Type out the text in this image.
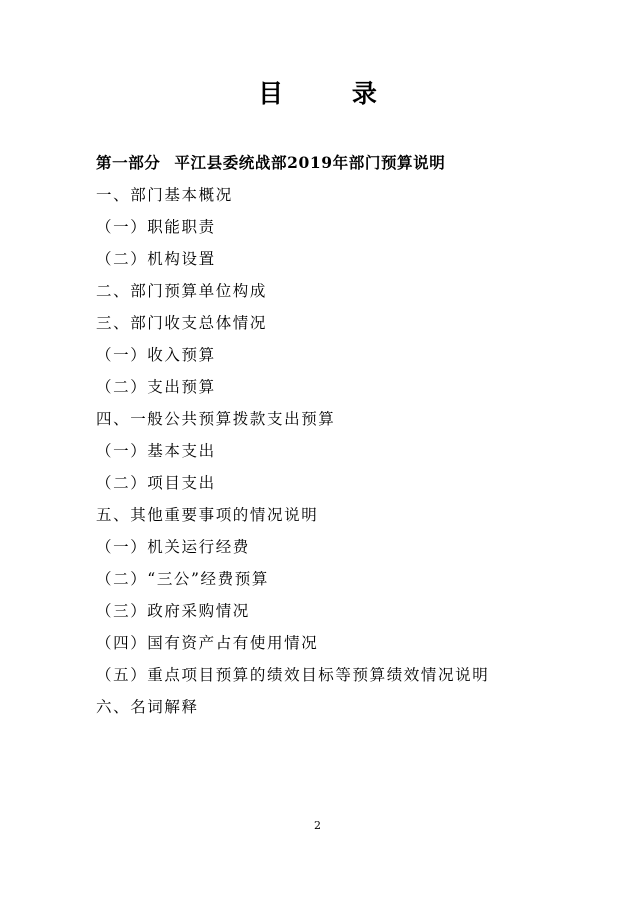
目 录
第一部分 平江县委统战部2019年部门预算说明
一、部门基本概况
（一）职能职责
（二）机构设置
二、部门预算单位构成
三、部门收支总体情况
（一）收入预算
（二）支出预算
四、一般公共预算拨款支出预算
（一）基本支出
（二）项目支出
五、其他重要事项的情况说明
（一）机关运行经费
（二）“三公”经费预算
（三）政府采购情况
（四）国有资产占有使用情况
（五）重点项目预算的绩效目标等预算绩效情况说明
六、名词解释
2
